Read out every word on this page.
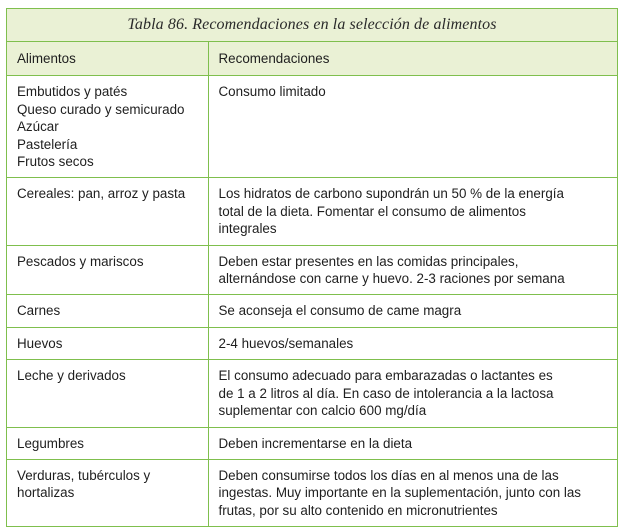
Tabla 86. Recomendaciones en la selección de alimentos
Alimentos	Recomendaciones

Embutidos y patés
Queso curado y semicurado
Azúcar
Pastelería
Frutos secos	Consumo limitado

Cereales: pan, arroz y pasta	Los hidratos de carbono supondrán un 50 % de la energía
total de la dieta. Fomentar el consumo de alimentos
integrales

Pescados y mariscos	Deben estar presentes en las comidas principales,
alternándose con carne y huevo. 2-3 raciones por semana

Carnes	Se aconseja el consumo de came magra

Huevos	2-4 huevos/semanales

Leche y derivados	El consumo adecuado para embarazadas o lactantes es
de 1 a 2 litros al día. En caso de intolerancia a la lactosa
suplementar con calcio 600 mg/día

Legumbres	Deben incrementarse en la dieta

Verduras, tubérculos y
hortalizas	Deben consumirse todos los días en al menos una de las
ingestas. Muy importante en la suplementación, junto con las
frutas, por su alto contenido en micronutrientes
